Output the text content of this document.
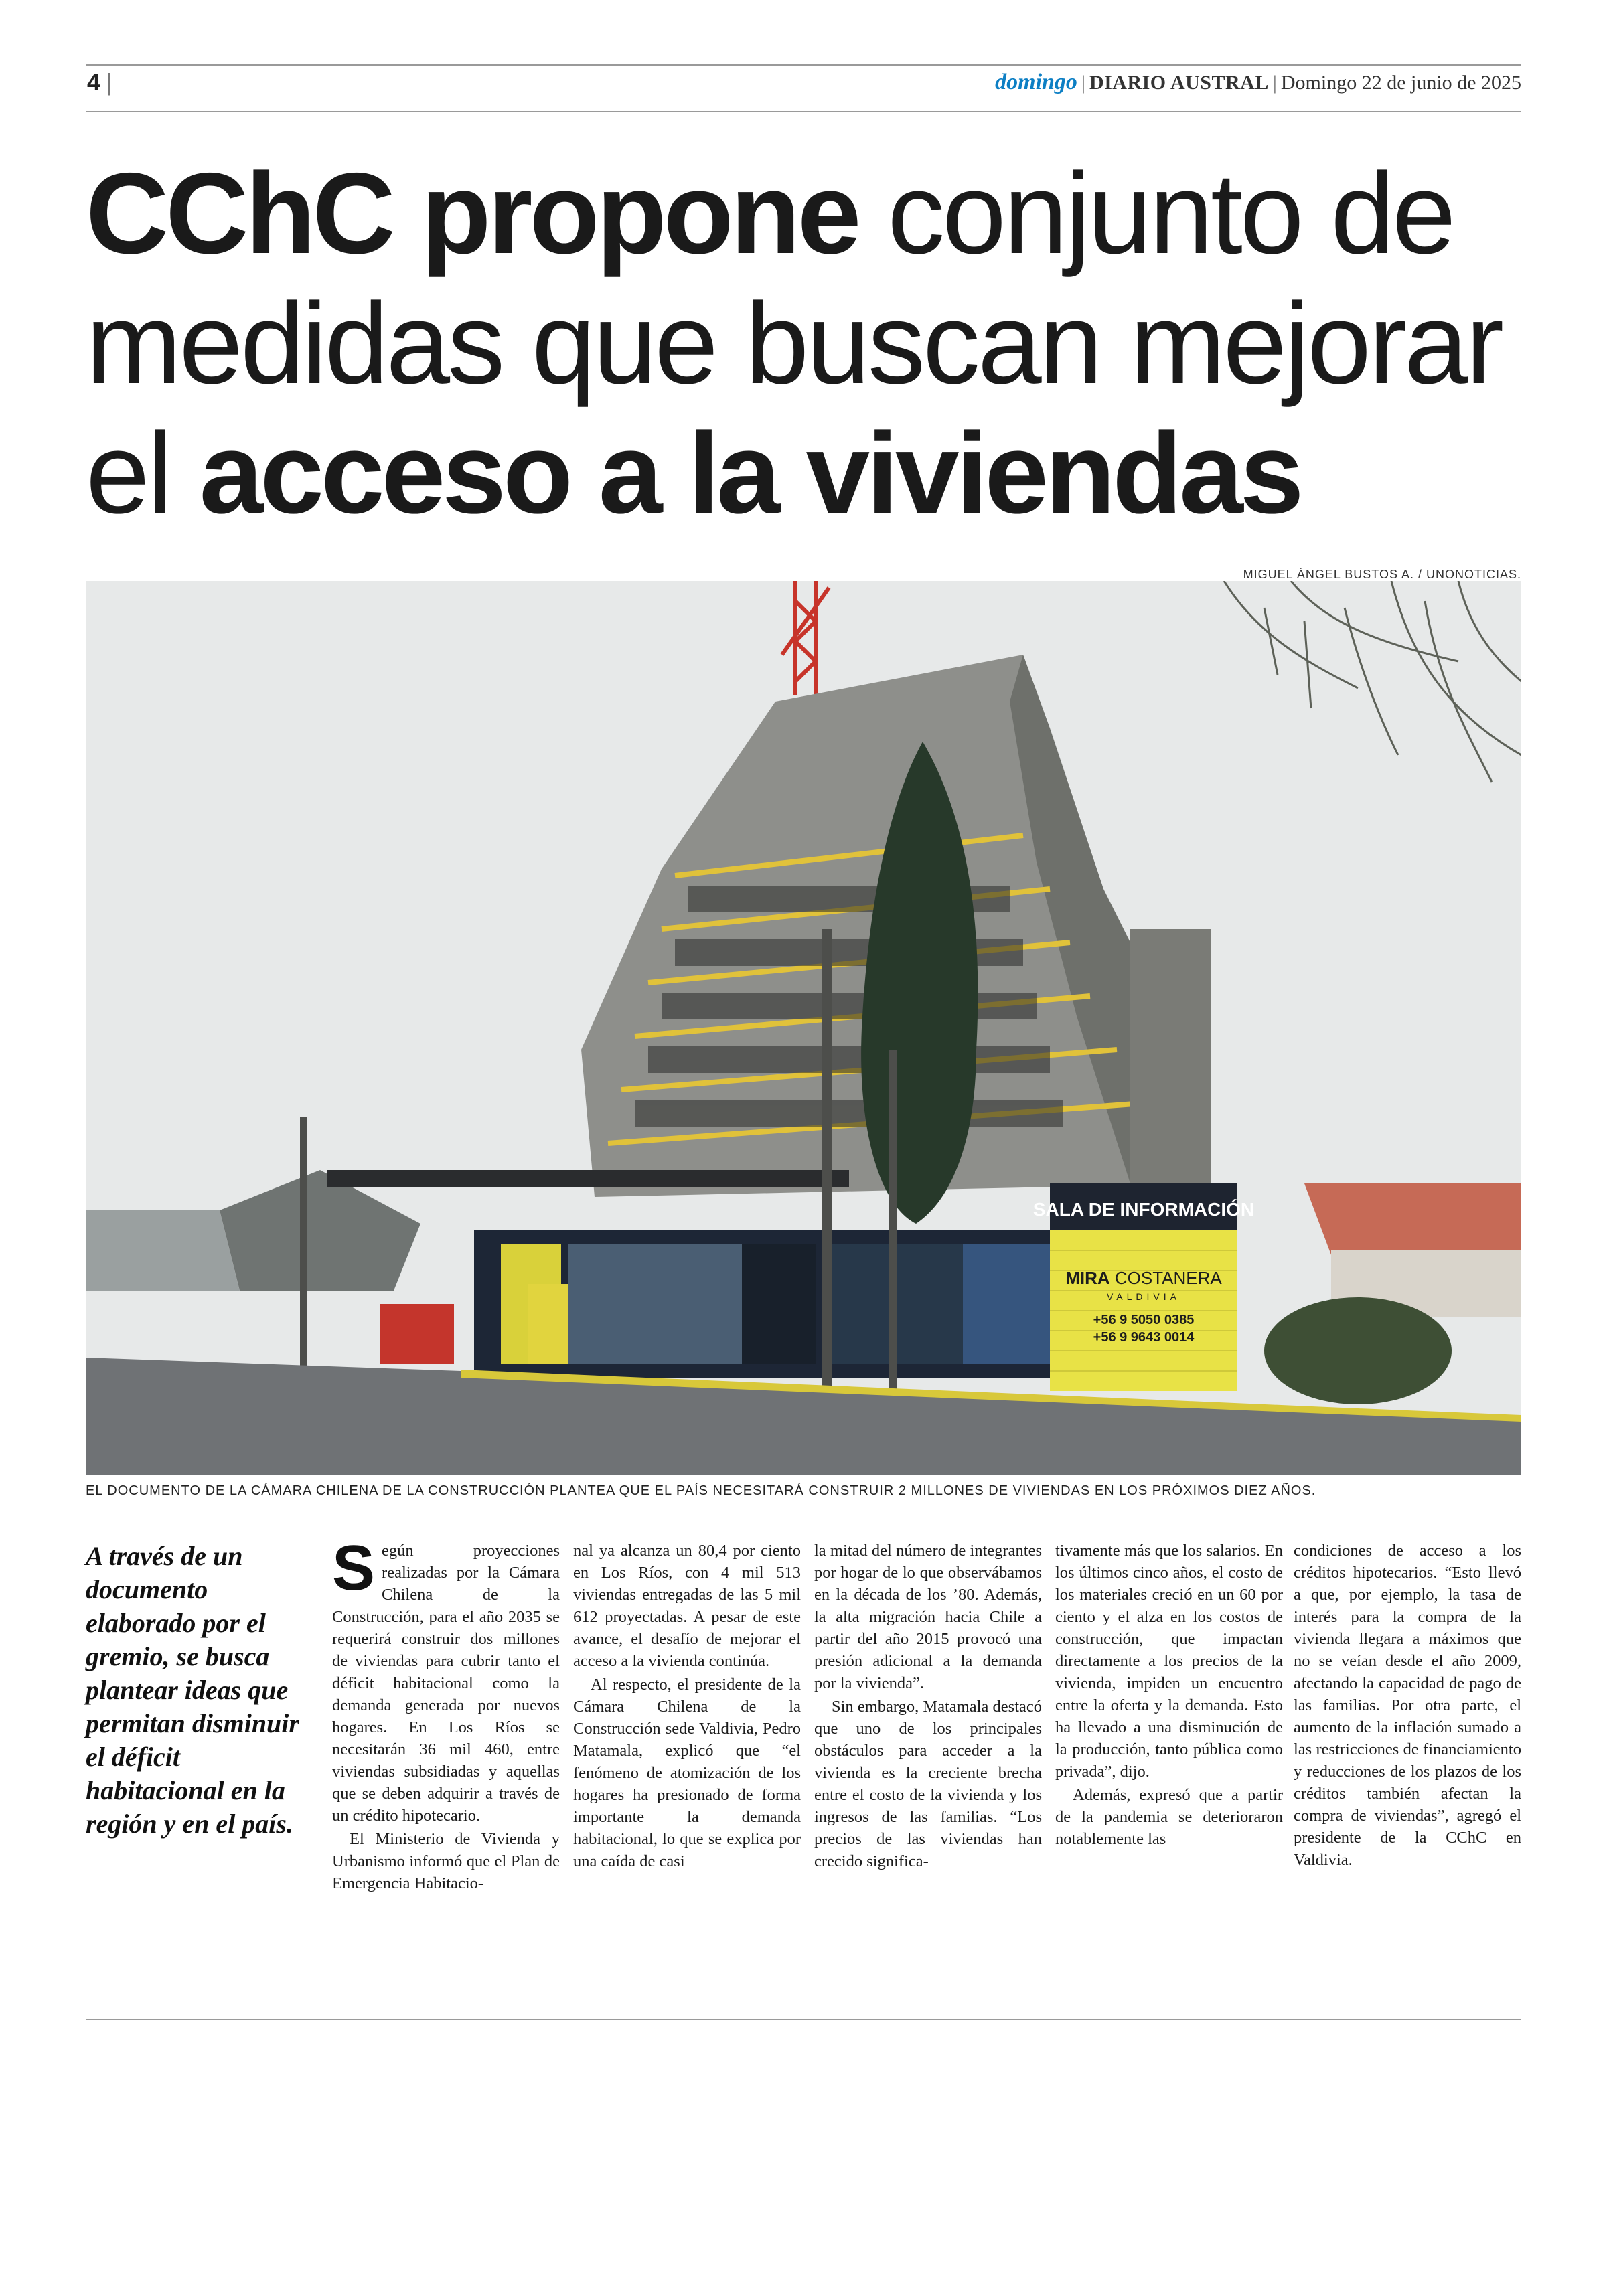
4 |	domingo | DIARIO AUSTRAL | Domingo 22 de junio de 2025
CChC propone conjunto de
medidas que buscan mejorar
el acceso a la viviendas
MIGUEL ÁNGEL BUSTOS A. / UNONOTICIAS.
SALA DE INFORMACIÓN
MIRA COSTANERA
VALDIVIA
+56 9 5050 0385
+56 9 9643 0014
EL DOCUMENTO DE LA CÁMARA CHILENA DE LA CONSTRUCCIÓN PLANTEA QUE EL PAÍS NECESITARÁ CONSTRUIR 2 MILLONES DE VIVIENDAS EN LOS PRÓXIMOS DIEZ AÑOS.
A través de un documento elaborado por el gremio, se busca plantear ideas que permitan disminuir el déficit habitacional en la región y en el país.

Según proyecciones realizadas por la Cámara Chilena de la Construcción, para el año 2035 se requerirá construir dos millones de viviendas para cubrir tanto el déficit habitacional como la demanda generada por nuevos hogares. En Los Ríos se necesitarán 36 mil 460, entre viviendas subsidiadas y aquellas que se deben adquirir a través de un crédito hipotecario.

El Ministerio de Vivienda y Urbanismo informó que el Plan de Emergencia Habitacio-

nal ya alcanza un 80,4 por ciento en Los Ríos, con 4 mil 513 viviendas entregadas de las 5 mil 612 proyectadas. A pesar de este avance, el desafío de mejorar el acceso a la vivienda continúa.

Al respecto, el presidente de la Cámara Chilena de la Construcción sede Valdivia, Pedro Matamala, explicó que “el fenómeno de atomización de los hogares ha presionado de forma importante la demanda habitacional, lo que se explica por una caída de casi

la mitad del número de integrantes por hogar de lo que observábamos en la década de los ’80. Además, la alta migración hacia Chile a partir del año 2015 provocó una presión adicional a la demanda por la vivienda”.

Sin embargo, Matamala destacó que uno de los principales obstáculos para acceder a la vivienda es la creciente brecha entre el costo de la vivienda y los ingresos de las familias. “Los precios de las viviendas han crecido significa-

tivamente más que los salarios. En los últimos cinco años, el costo de los materiales creció en un 60 por ciento y el alza en los costos de construcción, que impactan directamente a los precios de la vivienda, impiden un encuentro entre la oferta y la demanda. Esto ha llevado a una disminución de la producción, tanto pública como privada”, dijo.

Además, expresó que a partir de la pandemia se deterioraron notablemente las

condiciones de acceso a los créditos hipotecarios. “Esto llevó a que, por ejemplo, la tasa de interés para la compra de la vivienda llegara a máximos que no se veían desde el año 2009, afectando la capacidad de pago de las familias. Por otra parte, el aumento de la inflación sumado a las restricciones de financiamiento y reducciones de los plazos de los créditos también afectan la compra de viviendas”, agregó el presidente de la CChC en Valdivia.
